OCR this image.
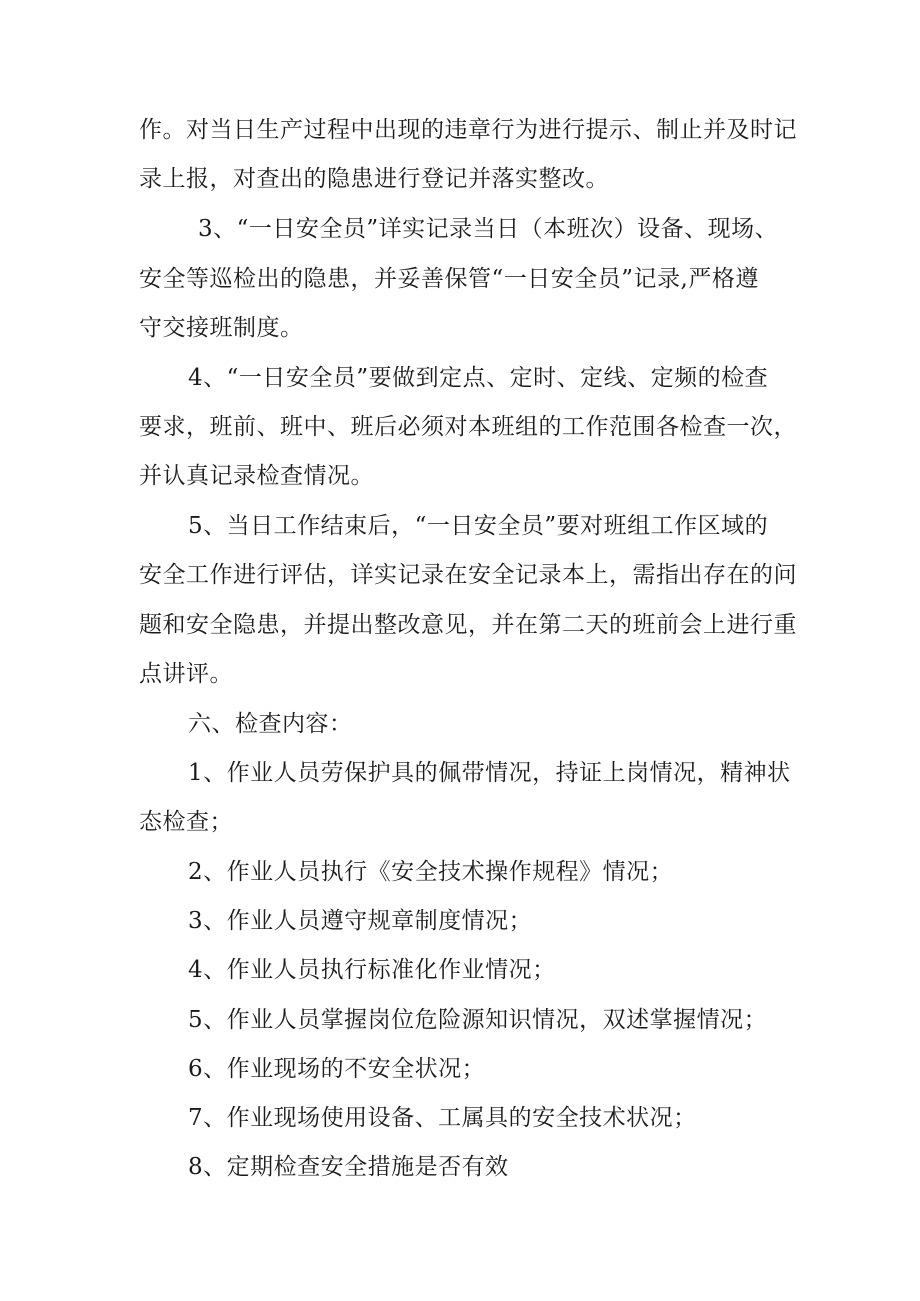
作。对当日生产过程中出现的违章行为进行提示、制止并及时记
录上报，对查出的隐患进行登记并落实整改。
3、“一日安全员”详实记录当日（本班次）设备、现场、
安全等巡检出的隐患，并妥善保管“一日安全员”记录,严格遵
守交接班制度。
4、“一日安全员”要做到定点、定时、定线、定频的检查
要求，班前、班中、班后必须对本班组的工作范围各检查一次，
并认真记录检查情况。
5、当日工作结束后，“一日安全员”要对班组工作区域的
安全工作进行评估，详实记录在安全记录本上，需指出存在的问
题和安全隐患，并提出整改意见，并在第二天的班前会上进行重
点讲评。
六、检查内容：
1、作业人员劳保护具的佩带情况，持证上岗情况，精神状
态检查；
2、作业人员执行《安全技术操作规程》情况；
3、作业人员遵守规章制度情况；
4、作业人员执行标准化作业情况；
5、作业人员掌握岗位危险源知识情况，双述掌握情况；
6、作业现场的不安全状况；
7、作业现场使用设备、工属具的安全技术状况；
8、定期检查安全措施是否有效
